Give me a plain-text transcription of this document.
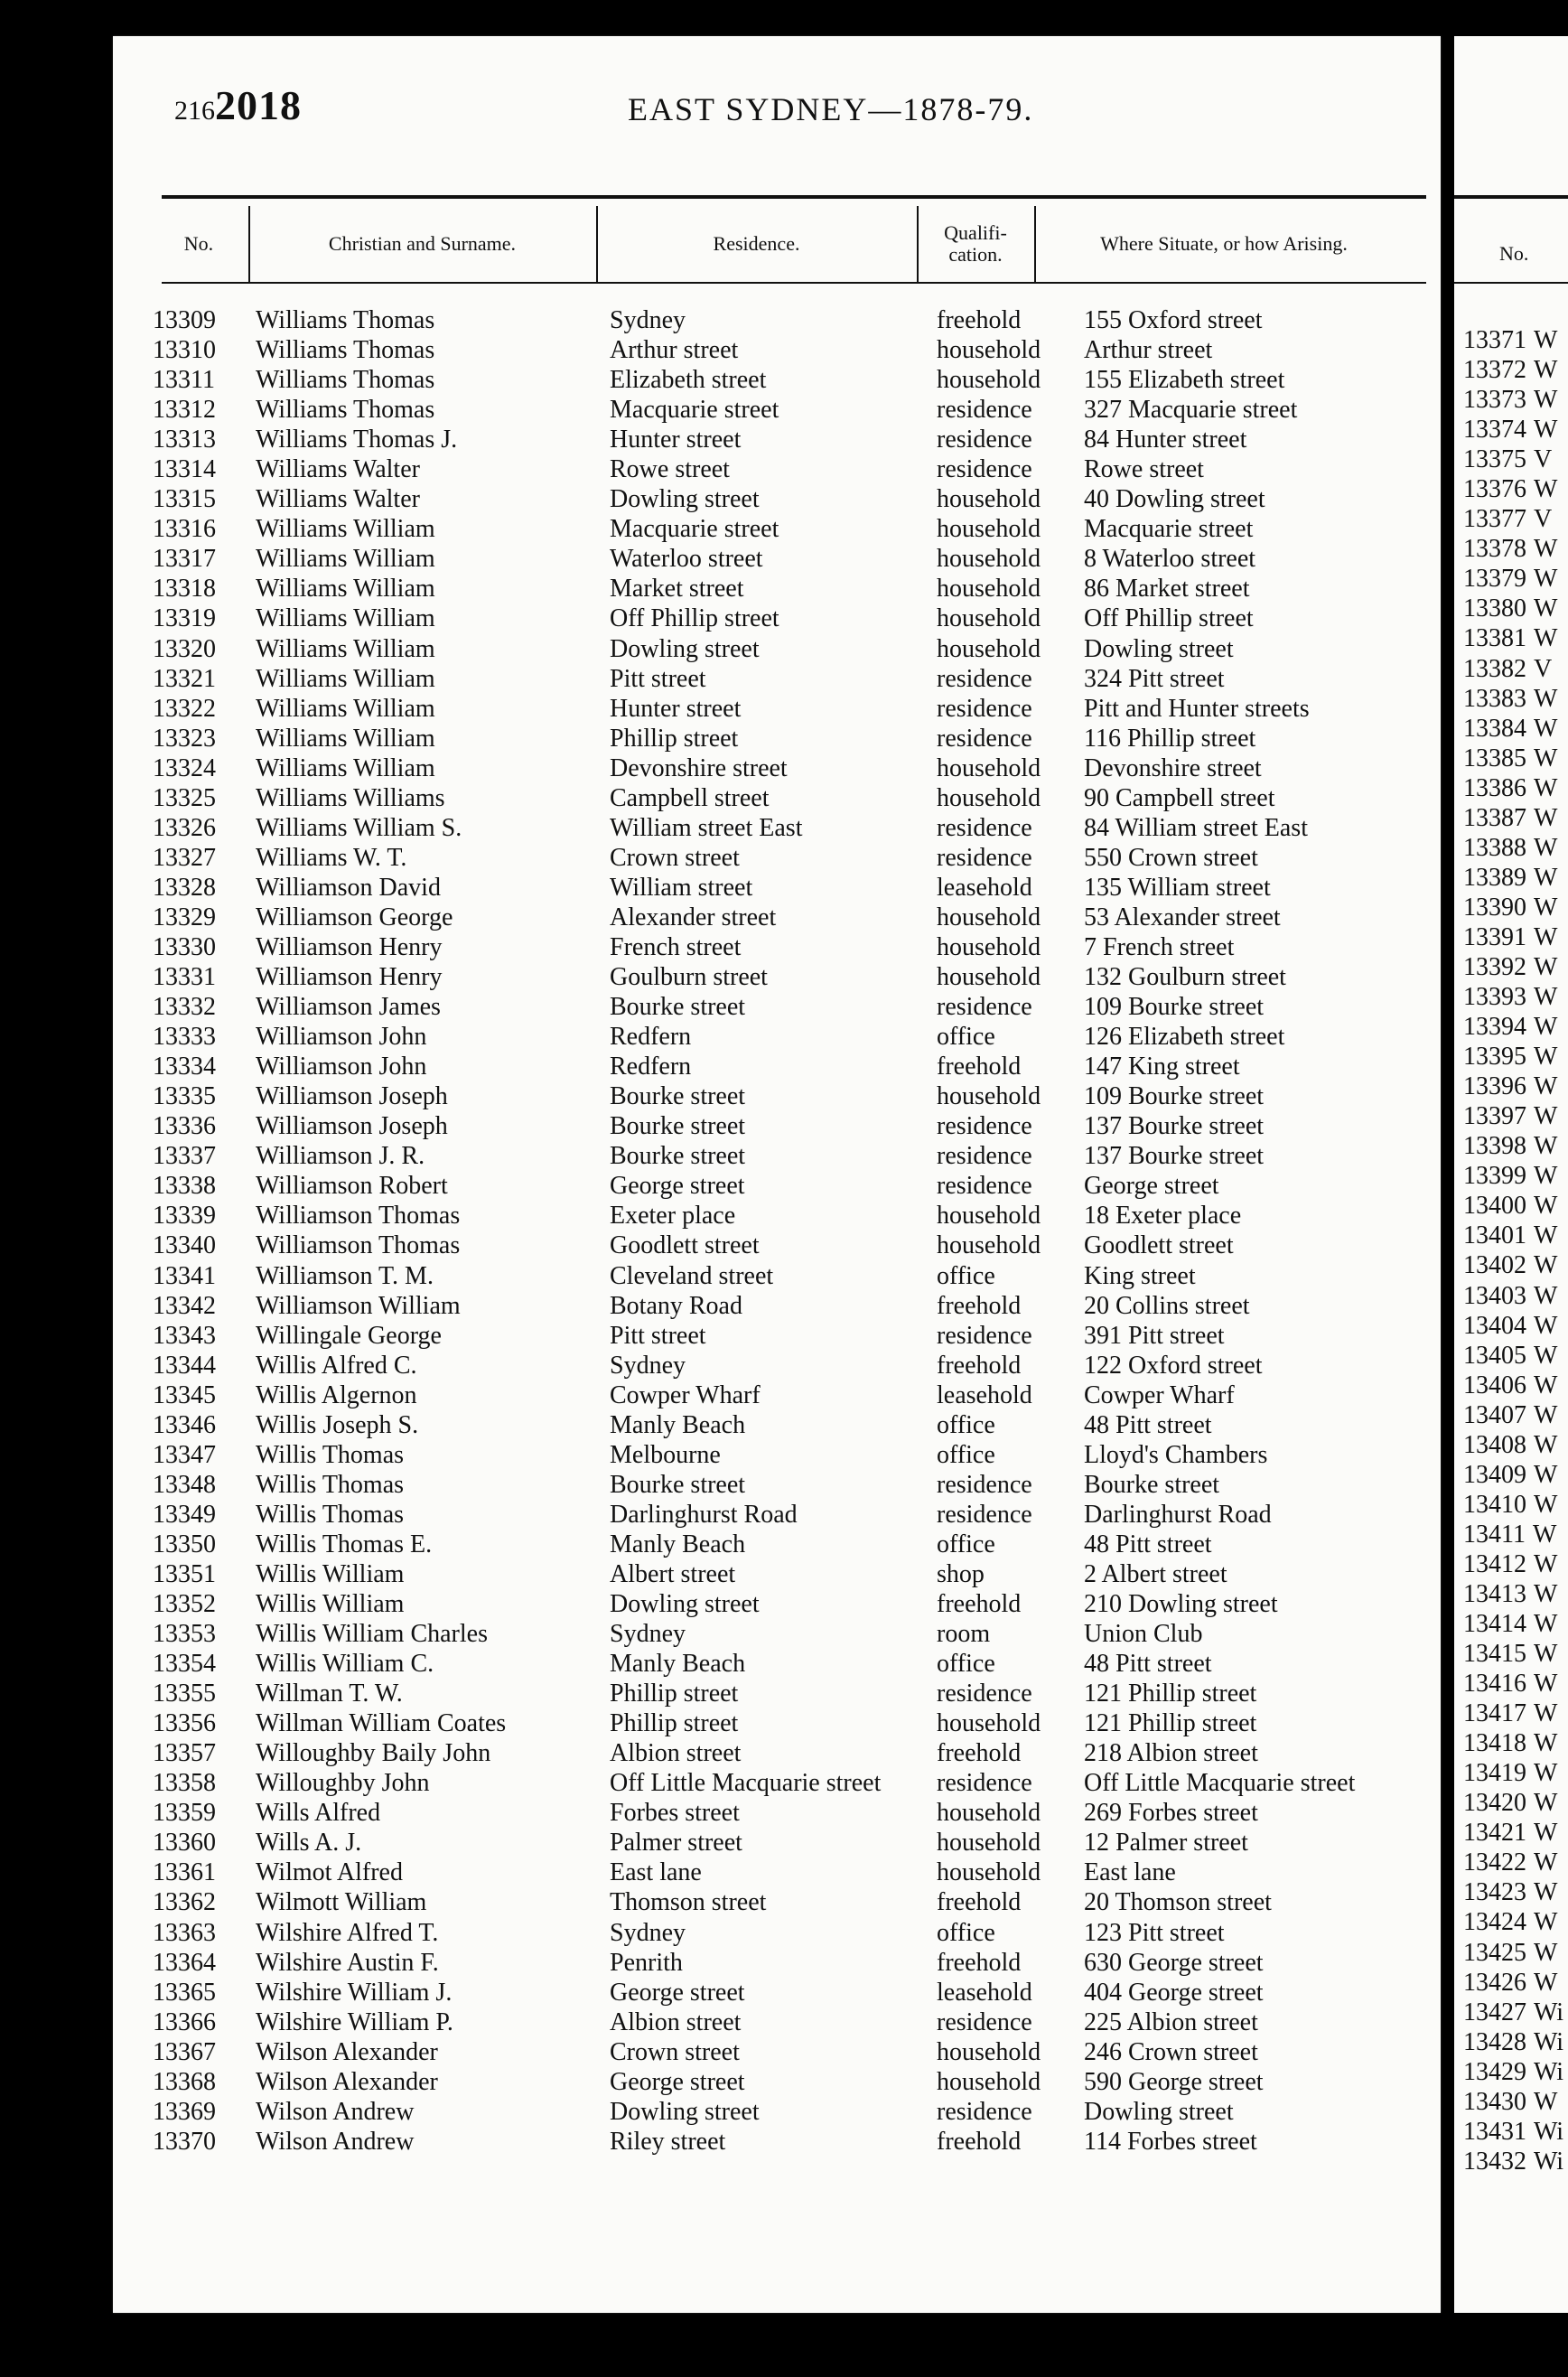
2162018	EAST SYDNEY—1878-79.
No.	Christian and Surname.	Residence.	Qualifi- cation.	Where Situate, or how Arising.
13309 Williams Thomas	Sydney	freehold 155 Oxford street
13310 Williams Thomas	Arthur street	household Arthur street
13311 Williams Thomas	Elizabeth street	household 155 Elizabeth street
13312 Williams Thomas	Macquarie street	residence 327 Macquarie street
13313 Williams Thomas J.	Hunter street	residence 84 Hunter street
13314 Williams Walter	Rowe street	residence Rowe street
13315 Williams Walter	Dowling street	household 40 Dowling street
13316 Williams William	Macquarie street	household Macquarie street
13317 Williams William	Waterloo street	household 8 Waterloo street
13318 Williams William	Market street	household 86 Market street
13319 Williams William	Off Phillip street	household Off Phillip street
13320 Williams William	Dowling street	household Dowling street
13321 Williams William	Pitt street	residence 324 Pitt street
13322 Williams William	Hunter street	residence Pitt and Hunter streets
13323 Williams William	Phillip street	residence 116 Phillip street
13324 Williams William	Devonshire street	household Devonshire street
13325 Williams Williams	Campbell street	household 90 Campbell street
13326 Williams William S.	William street East	residence 84 William street East
13327 Williams W. T.	Crown street	residence 550 Crown street
13328 Williamson David	William street	leasehold 135 William street
13329 Williamson George	Alexander street	household 53 Alexander street
13330 Williamson Henry	French street	household 7 French street
13331 Williamson Henry	Goulburn street	household 132 Goulburn street
13332 Williamson James	Bourke street	residence 109 Bourke street
13333 Williamson John	Redfern	office	126 Elizabeth street
13334 Williamson John	Redfern	freehold 147 King street
13335 Williamson Joseph	Bourke street	household 109 Bourke street
13336 Williamson Joseph	Bourke street	residence 137 Bourke street
13337 Williamson J. R.	Bourke street	residence 137 Bourke street
13338 Williamson Robert	George street	residence George street
13339 Williamson Thomas	Exeter place	household 18 Exeter place
13340 Williamson Thomas	Goodlett street	household Goodlett street
13341 Williamson T. M.	Cleveland street	office	King street
13342 Williamson William	Botany Road	freehold 20 Collins street
13343 Willingale George	Pitt street	residence 391 Pitt street
13344 Willis Alfred C.	Sydney	freehold 122 Oxford street
13345 Willis Algernon	Cowper Wharf	leasehold Cowper Wharf
13346 Willis Joseph S.	Manly Beach	office	48 Pitt street
13347 Willis Thomas	Melbourne	office	Lloyd's Chambers
13348 Willis Thomas	Bourke street	residence Bourke street
13349 Willis Thomas	Darlinghurst Road	residence Darlinghurst Road
13350 Willis Thomas E.	Manly Beach	office	48 Pitt street
13351 Willis William	Albert street	shop	2 Albert street
13352 Willis William	Dowling street	freehold 210 Dowling street
13353 Willis William Charles	Sydney	room	Union Club
13354 Willis William C.	Manly Beach	office	48 Pitt street
13355 Willman T. W.	Phillip street	residence 121 Phillip street
13356 Willman William Coates	Phillip street	household 121 Phillip street
13357 Willoughby Baily John	Albion street	freehold 218 Albion street
13358 Willoughby John	Off Little Macquarie street residence Off Little Macquarie street
13359 Wills Alfred	Forbes street	household 269 Forbes street
13360 Wills A. J.	Palmer street	household 12 Palmer street
13361 Wilmot Alfred	East lane	household East lane
13362 Wilmott William	Thomson street	freehold 20 Thomson street
13363 Wilshire Alfred T.	Sydney	office	123 Pitt street
13364 Wilshire Austin F.	Penrith	freehold 630 George street
13365 Wilshire William J.	George street	leasehold 404 George street
13366 Wilshire William P.	Albion street	residence 225 Albion street
13367 Wilson Alexander	Crown street	household 246 Crown street
13368 Wilson Alexander	George street	household 590 George street
13369 Wilson Andrew	Dowling street	residence Dowling street
13370 Wilson Andrew	Riley street	freehold 114 Forbes street
No.
13371 W
13372 W
13373 W
13374 W
13375 V
13376 W
13377 V
13378 W
13379 W
13380 W
13381 W
13382 V
13383 W
13384 W
13385 W
13386 W
13387 W
13388 W
13389 W
13390 W
13391 W
13392 W
13393 W
13394 W
13395 W
13396 W
13397 W
13398 W
13399 W
13400 W
13401 W
13402 W
13403 W
13404 W
13405 W
13406 W
13407 W
13408 W
13409 W
13410 W
13411 W
13412 W
13413 W
13414 W
13415 W
13416 W
13417 W
13418 W
13419 W
13420 W
13421 W
13422 W
13423 W
13424 W
13425 W
13426 W
13427 Wi
13428 Wi
13429 Wi
13430 W
13431 Wi
13432 Wi
